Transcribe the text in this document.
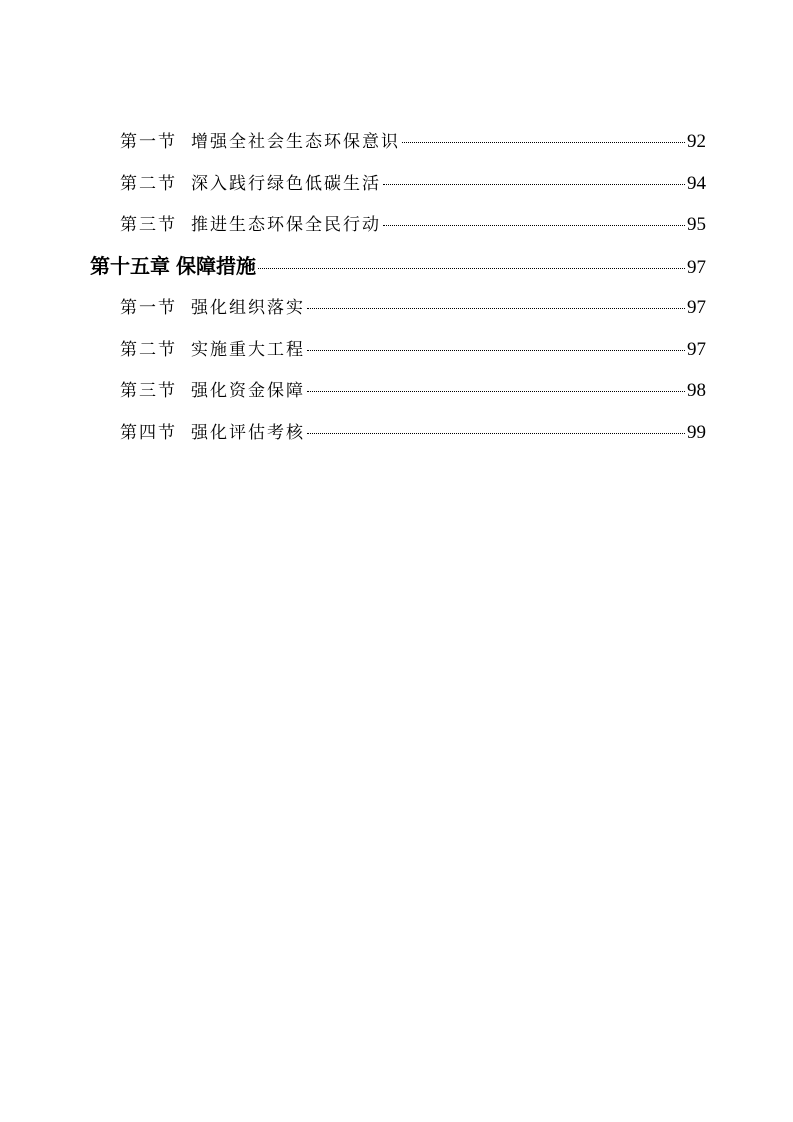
第一节 增强全社会生态环保意识	92
第二节 深入践行绿色低碳生活	94
第三节 推进生态环保全民行动	95
第十五章 保障措施	97
第一节 强化组织落实	97
第二节 实施重大工程	97
第三节 强化资金保障	98
第四节 强化评估考核	99
